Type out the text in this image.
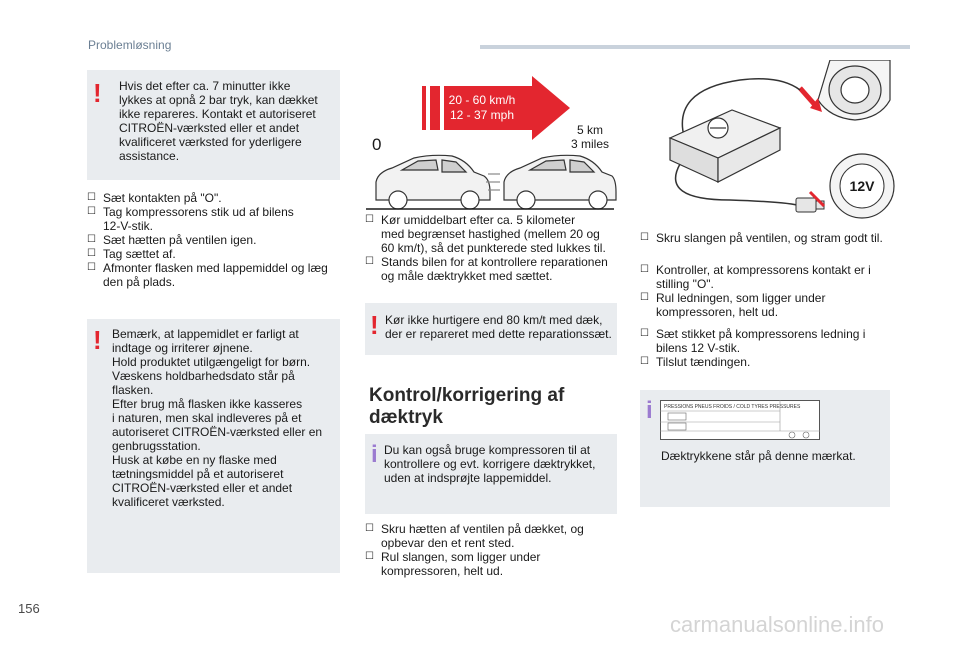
Problemløsning
! Hvis det efter ca. 7 minutter ikke
lykkes at opnå 2 bar tryk, kan dækket
ikke repareres. Kontakt et autoriseret
CITROËN-værksted eller et andet
kvalificeret værksted for yderligere
assistance.
☐ Sæt kontakten på "O".
☐ Tag kompressorens stik ud af bilens
12-V-stik.
☐ Sæt hætten på ventilen igen.
☐ Tag sættet af.
☐ Afmonter flasken med lappemiddel og læg
den på plads.
! Bemærk, at lappemidlet er farligt at
indtage og irriterer øjnene.
Hold produktet utilgængeligt for børn.
Væskens holdbarhedsdato står på flasken.
Efter brug må flasken ikke kasseres
i naturen, men skal indleveres på et
autoriseret CITROËN-værksted eller en
genbrugsstation.
Husk at købe en ny flaske med
tætningsmiddel på et autoriseret
CITROËN-værksted eller et andet
kvalificeret værksted.
20 - 60 km/h
12 - 37 mph
0
5 km
3 miles
☐ Kør umiddelbart efter ca. 5 kilometer
med begrænset hastighed (mellem 20 og
60 km/t), så det punkterede sted lukkes til.
☐ Stands bilen for at kontrollere reparationen
og måle dæktrykket med sættet.
! Kør ikke hurtigere end 80 km/t med dæk,
der er repareret med dette reparationssæt.
Kontrol/korrigering af
dæktryk
i Du kan også bruge kompressoren til at
kontrollere og evt. korrigere dæktrykket,
uden at indsprøjte lappemiddel.
☐ Skru hætten af ventilen på dækket, og
opbevar den et rent sted.
☐ Rul slangen, som ligger under
kompressoren, helt ud.
12V
☐ Skru slangen på ventilen, og stram godt til.
☐ Kontroller, at kompressorens kontakt er i
stilling "O".
☐ Rul ledningen, som ligger under
kompressoren, helt ud.
☐ Sæt stikket på kompressorens ledning i
bilens 12 V-stik.
☐ Tilslut tændingen.
i PRESSIONS PNEUS FROIDS / COLD TYRES PRESSURES
Dæktrykkene står på denne mærkat.
156
carmanualsonline.info
